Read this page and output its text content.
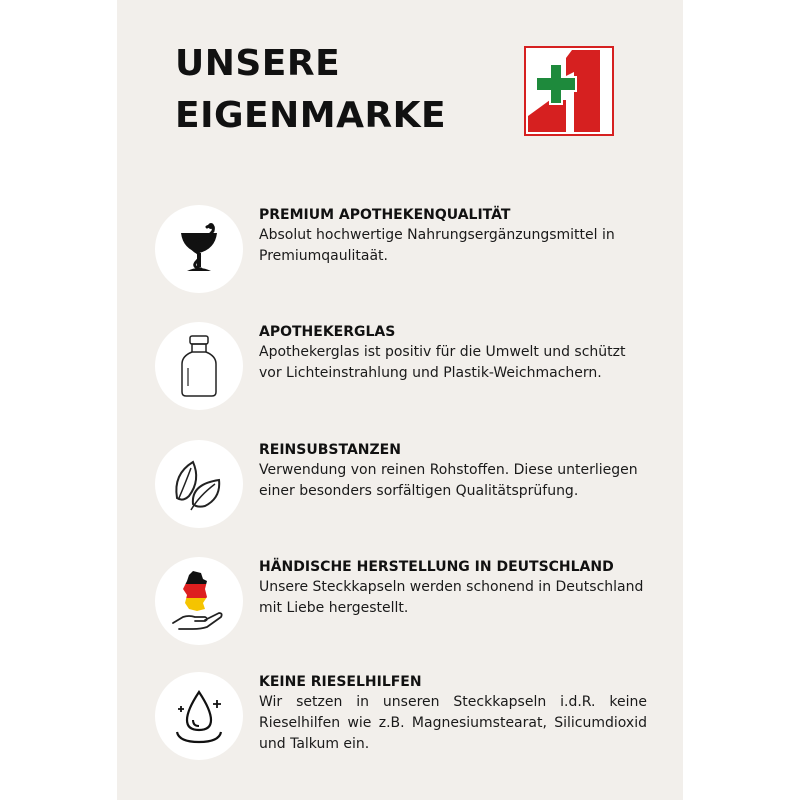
UNSERE
EIGENMARKE
PREMIUM APOTHEKENQUALITÄT
Absolut hochwertige Nahrungsergänzungsmittel in Premiumqaulitaät.
APOTHEKERGLAS
Apothekerglas ist positiv für die Umwelt und schützt vor Lichteinstrahlung und Plastik-Weichmachern.
REINSUBSTANZEN
Verwendung von reinen Rohstoffen. Diese unterliegen einer besonders sorfältigen Qualitätsprüfung.
HÄNDISCHE HERSTELLUNG IN DEUTSCHLAND
Unsere Steckkapseln werden schonend in Deutschland mit Liebe hergestellt.
KEINE RIESELHILFEN
Wir setzen in unseren Steckkapseln i.d.R. keine Rieselhilfen wie z.B. Magnesiumstearat, Silicumdioxid und Talkum ein.
